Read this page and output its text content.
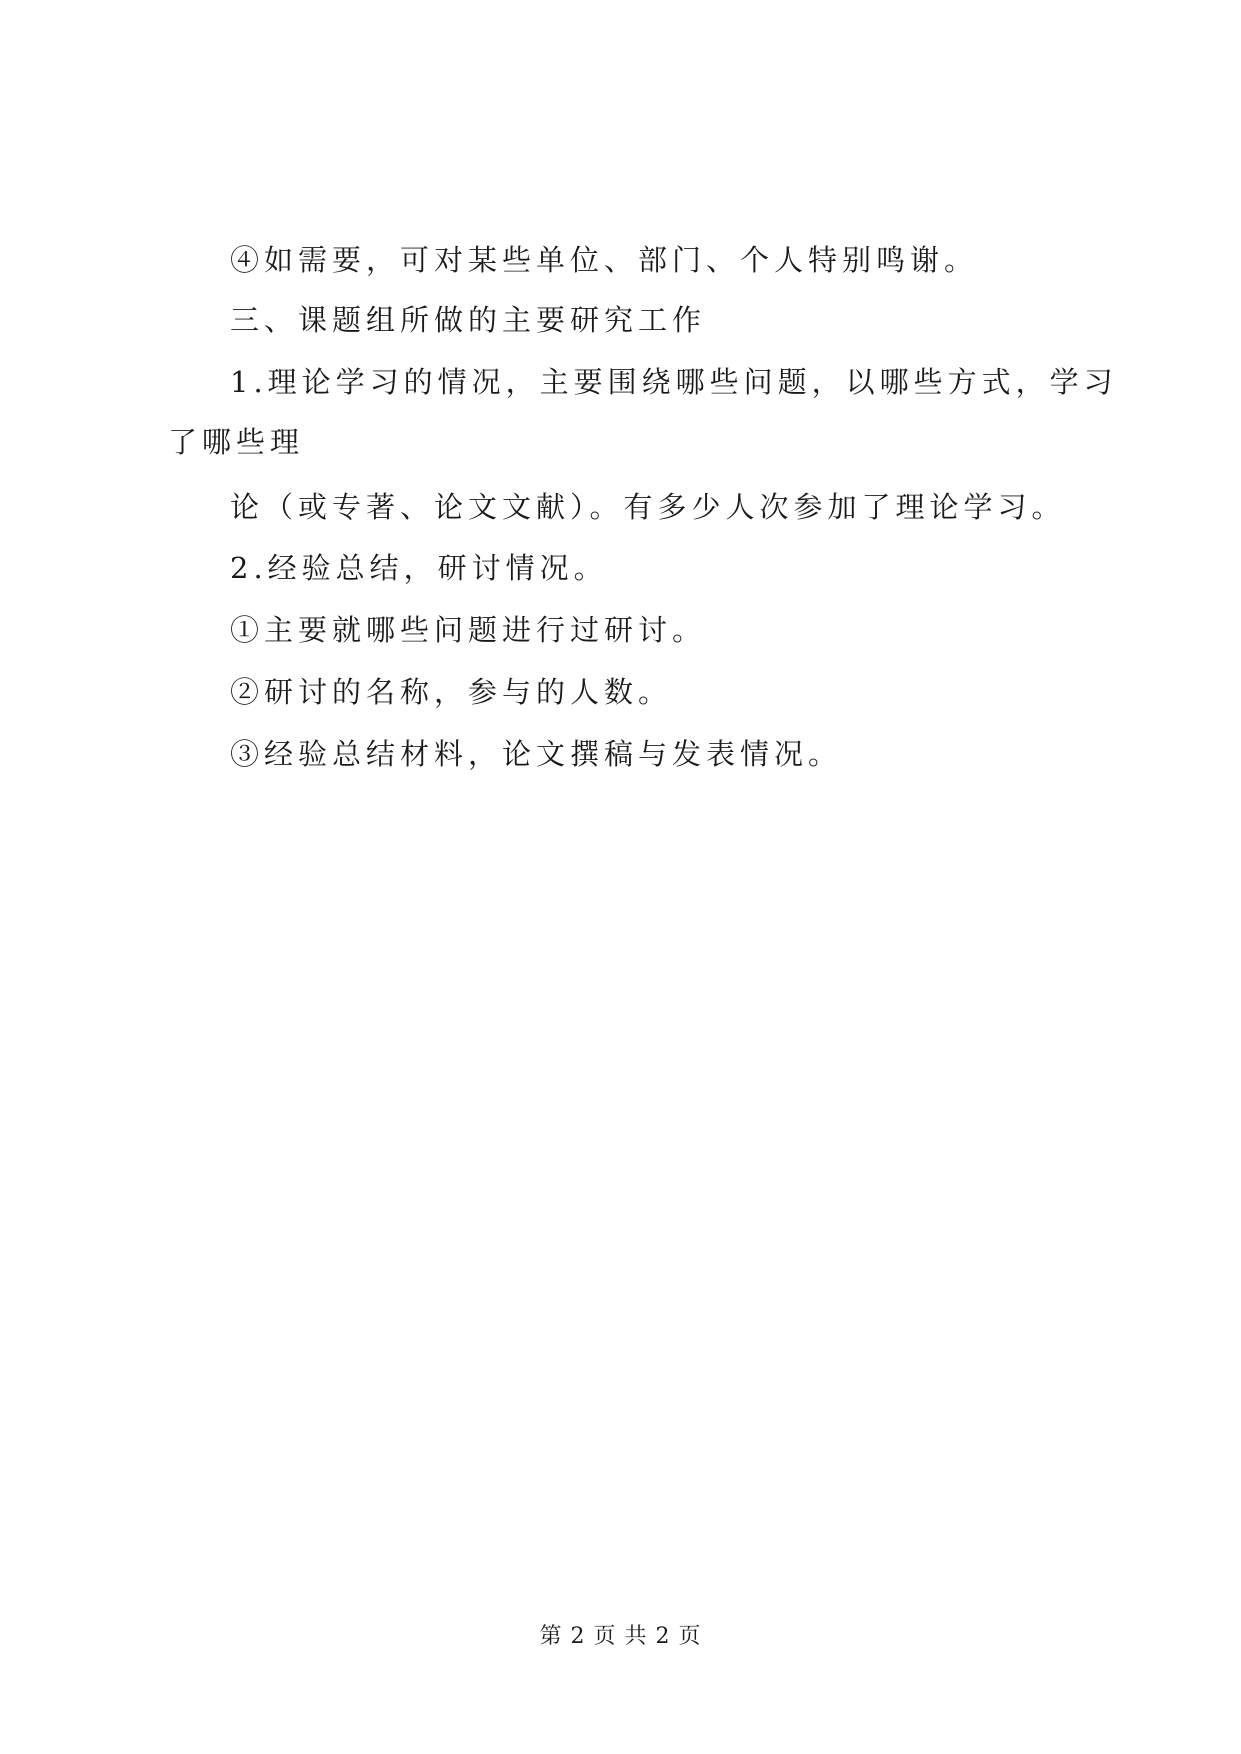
④如需要，可对某些单位、部门、个人特别鸣谢。
三、课题组所做的主要研究工作
1.理论学习的情况，主要围绕哪些问题，以哪些方式，学习
了哪些理
论（或专著、论文文献）。有多少人次参加了理论学习。
2.经验总结，研讨情况。
①主要就哪些问题进行过研讨。
②研讨的名称，参与的人数。
③经验总结材料，论文撰稿与发表情况。
第 2 页 共 2 页
